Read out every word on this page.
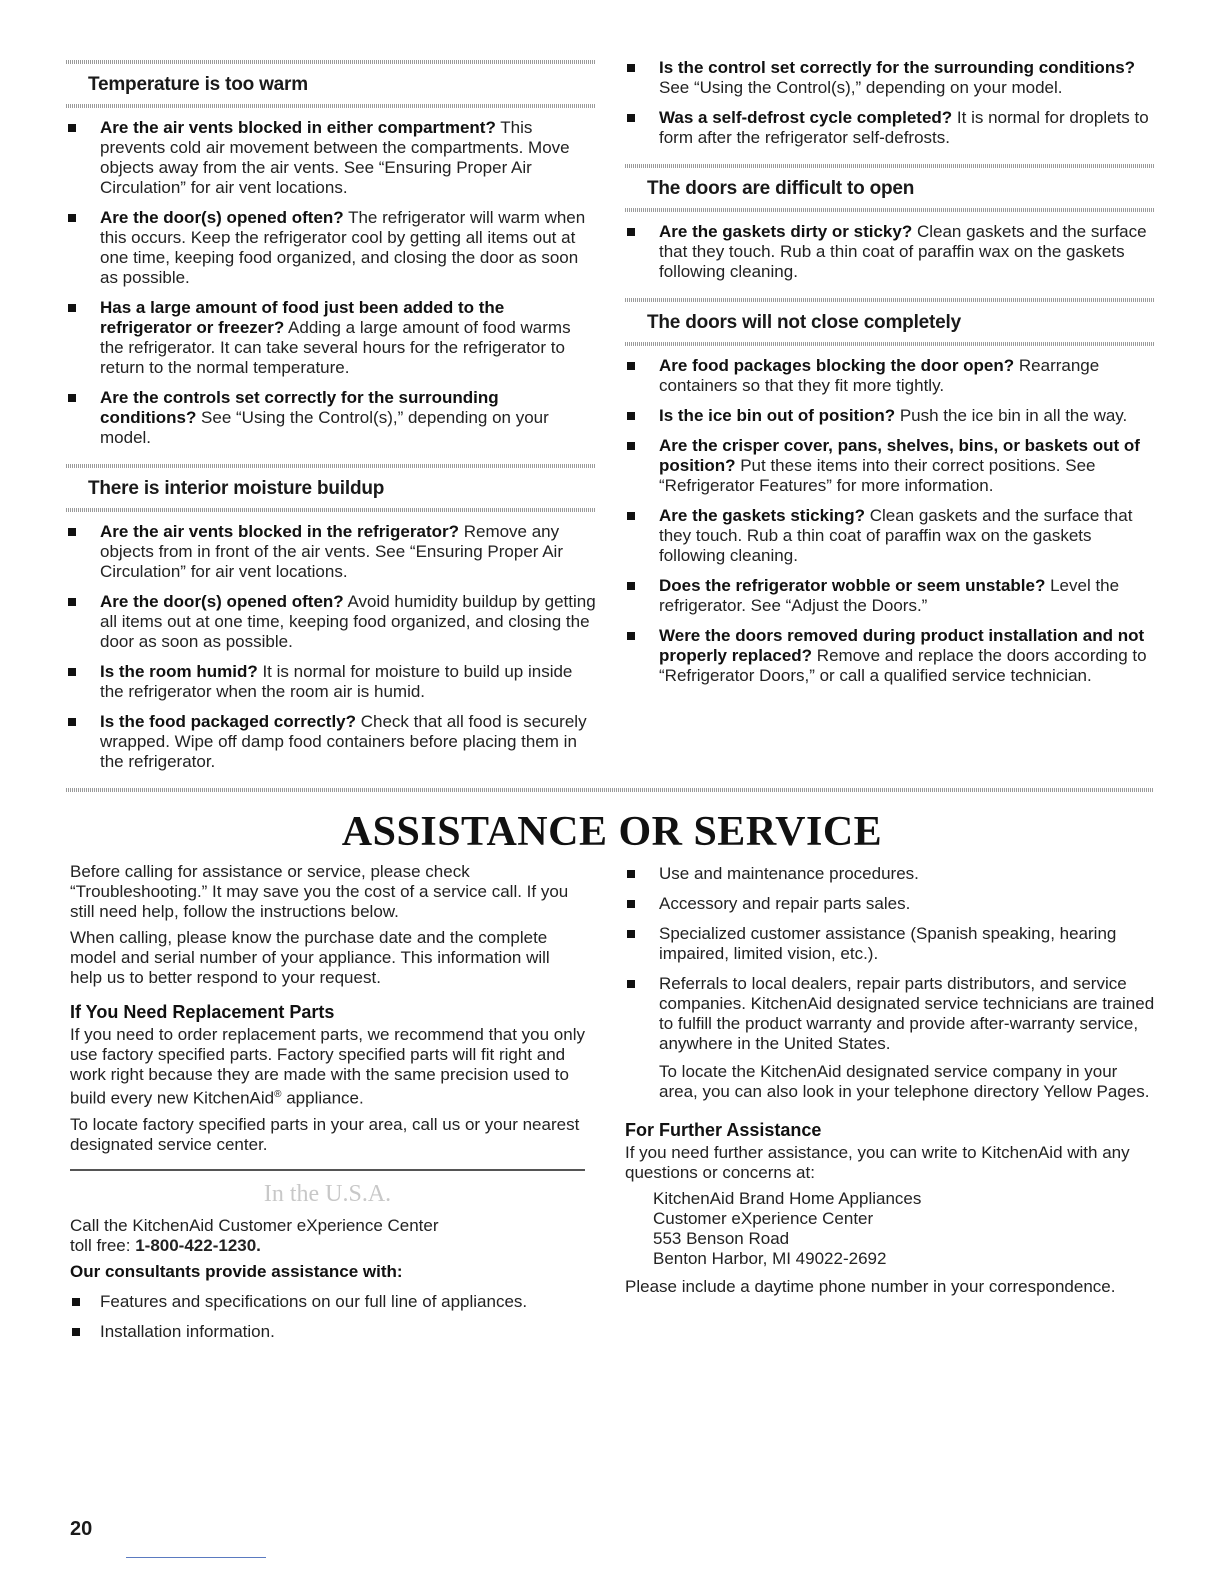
Temperature is too warm
Are the air vents blocked in either compartment? This prevents cold air movement between the compartments. Move objects away from the air vents. See “Ensuring Proper Air Circulation” for air vent locations.
Are the door(s) opened often? The refrigerator will warm when this occurs. Keep the refrigerator cool by getting all items out at one time, keeping food organized, and closing the door as soon as possible.
Has a large amount of food just been added to the refrigerator or freezer? Adding a large amount of food warms the refrigerator. It can take several hours for the refrigerator to return to the normal temperature.
Are the controls set correctly for the surrounding conditions? See “Using the Control(s),” depending on your model.
There is interior moisture buildup
Are the air vents blocked in the refrigerator? Remove any objects from in front of the air vents. See “Ensuring Proper Air Circulation” for air vent locations.
Are the door(s) opened often? Avoid humidity buildup by getting all items out at one time, keeping food organized, and closing the door as soon as possible.
Is the room humid? It is normal for moisture to build up inside the refrigerator when the room air is humid.
Is the food packaged correctly? Check that all food is securely wrapped. Wipe off damp food containers before placing them in the refrigerator.
Is the control set correctly for the surrounding conditions? See “Using the Control(s),” depending on your model.
Was a self-defrost cycle completed? It is normal for droplets to form after the refrigerator self-defrosts.
The doors are difficult to open
Are the gaskets dirty or sticky? Clean gaskets and the surface that they touch. Rub a thin coat of paraffin wax on the gaskets following cleaning.
The doors will not close completely
Are food packages blocking the door open? Rearrange containers so that they fit more tightly.
Is the ice bin out of position? Push the ice bin in all the way.
Are the crisper cover, pans, shelves, bins, or baskets out of position? Put these items into their correct positions. See “Refrigerator Features” for more information.
Are the gaskets sticking? Clean gaskets and the surface that they touch. Rub a thin coat of paraffin wax on the gaskets following cleaning.
Does the refrigerator wobble or seem unstable? Level the refrigerator. See “Adjust the Doors.”
Were the doors removed during product installation and not properly replaced? Remove and replace the doors according to “Refrigerator Doors,” or call a qualified service technician.
ASSISTANCE OR SERVICE

Before calling for assistance or service, please check “Troubleshooting.” It may save you the cost of a service call. If you still need help, follow the instructions below.

When calling, please know the purchase date and the complete model and serial number of your appliance. This information will help us to better respond to your request.

If You Need Replacement Parts

If you need to order replacement parts, we recommend that you only use factory specified parts. Factory specified parts will fit right and work right because they are made with the same precision used to build every new KitchenAid® appliance.

To locate factory specified parts in your area, call us or your nearest designated service center.

In the U.S.A.

Call the KitchenAid Customer eXperience Center

toll free: 1-800-422-1230.

Our consultants provide assistance with:
Features and specifications on our full line of appliances.
Installation information.
Use and maintenance procedures.
Accessory and repair parts sales.
Specialized customer assistance (Spanish speaking, hearing impaired, limited vision, etc.).
Referrals to local dealers, repair parts distributors, and service companies. KitchenAid designated service technicians are trained to fulfill the product warranty and provide after-warranty service, anywhere in the United States.

To locate the KitchenAid designated service company in your area, you can also look in your telephone directory Yellow Pages.

For Further Assistance

If you need further assistance, you can write to KitchenAid with any questions or concerns at:

KitchenAid Brand Home Appliances
Customer eXperience Center
553 Benson Road
Benton Harbor, MI 49022-2692

Please include a daytime phone number in your correspondence.

20
